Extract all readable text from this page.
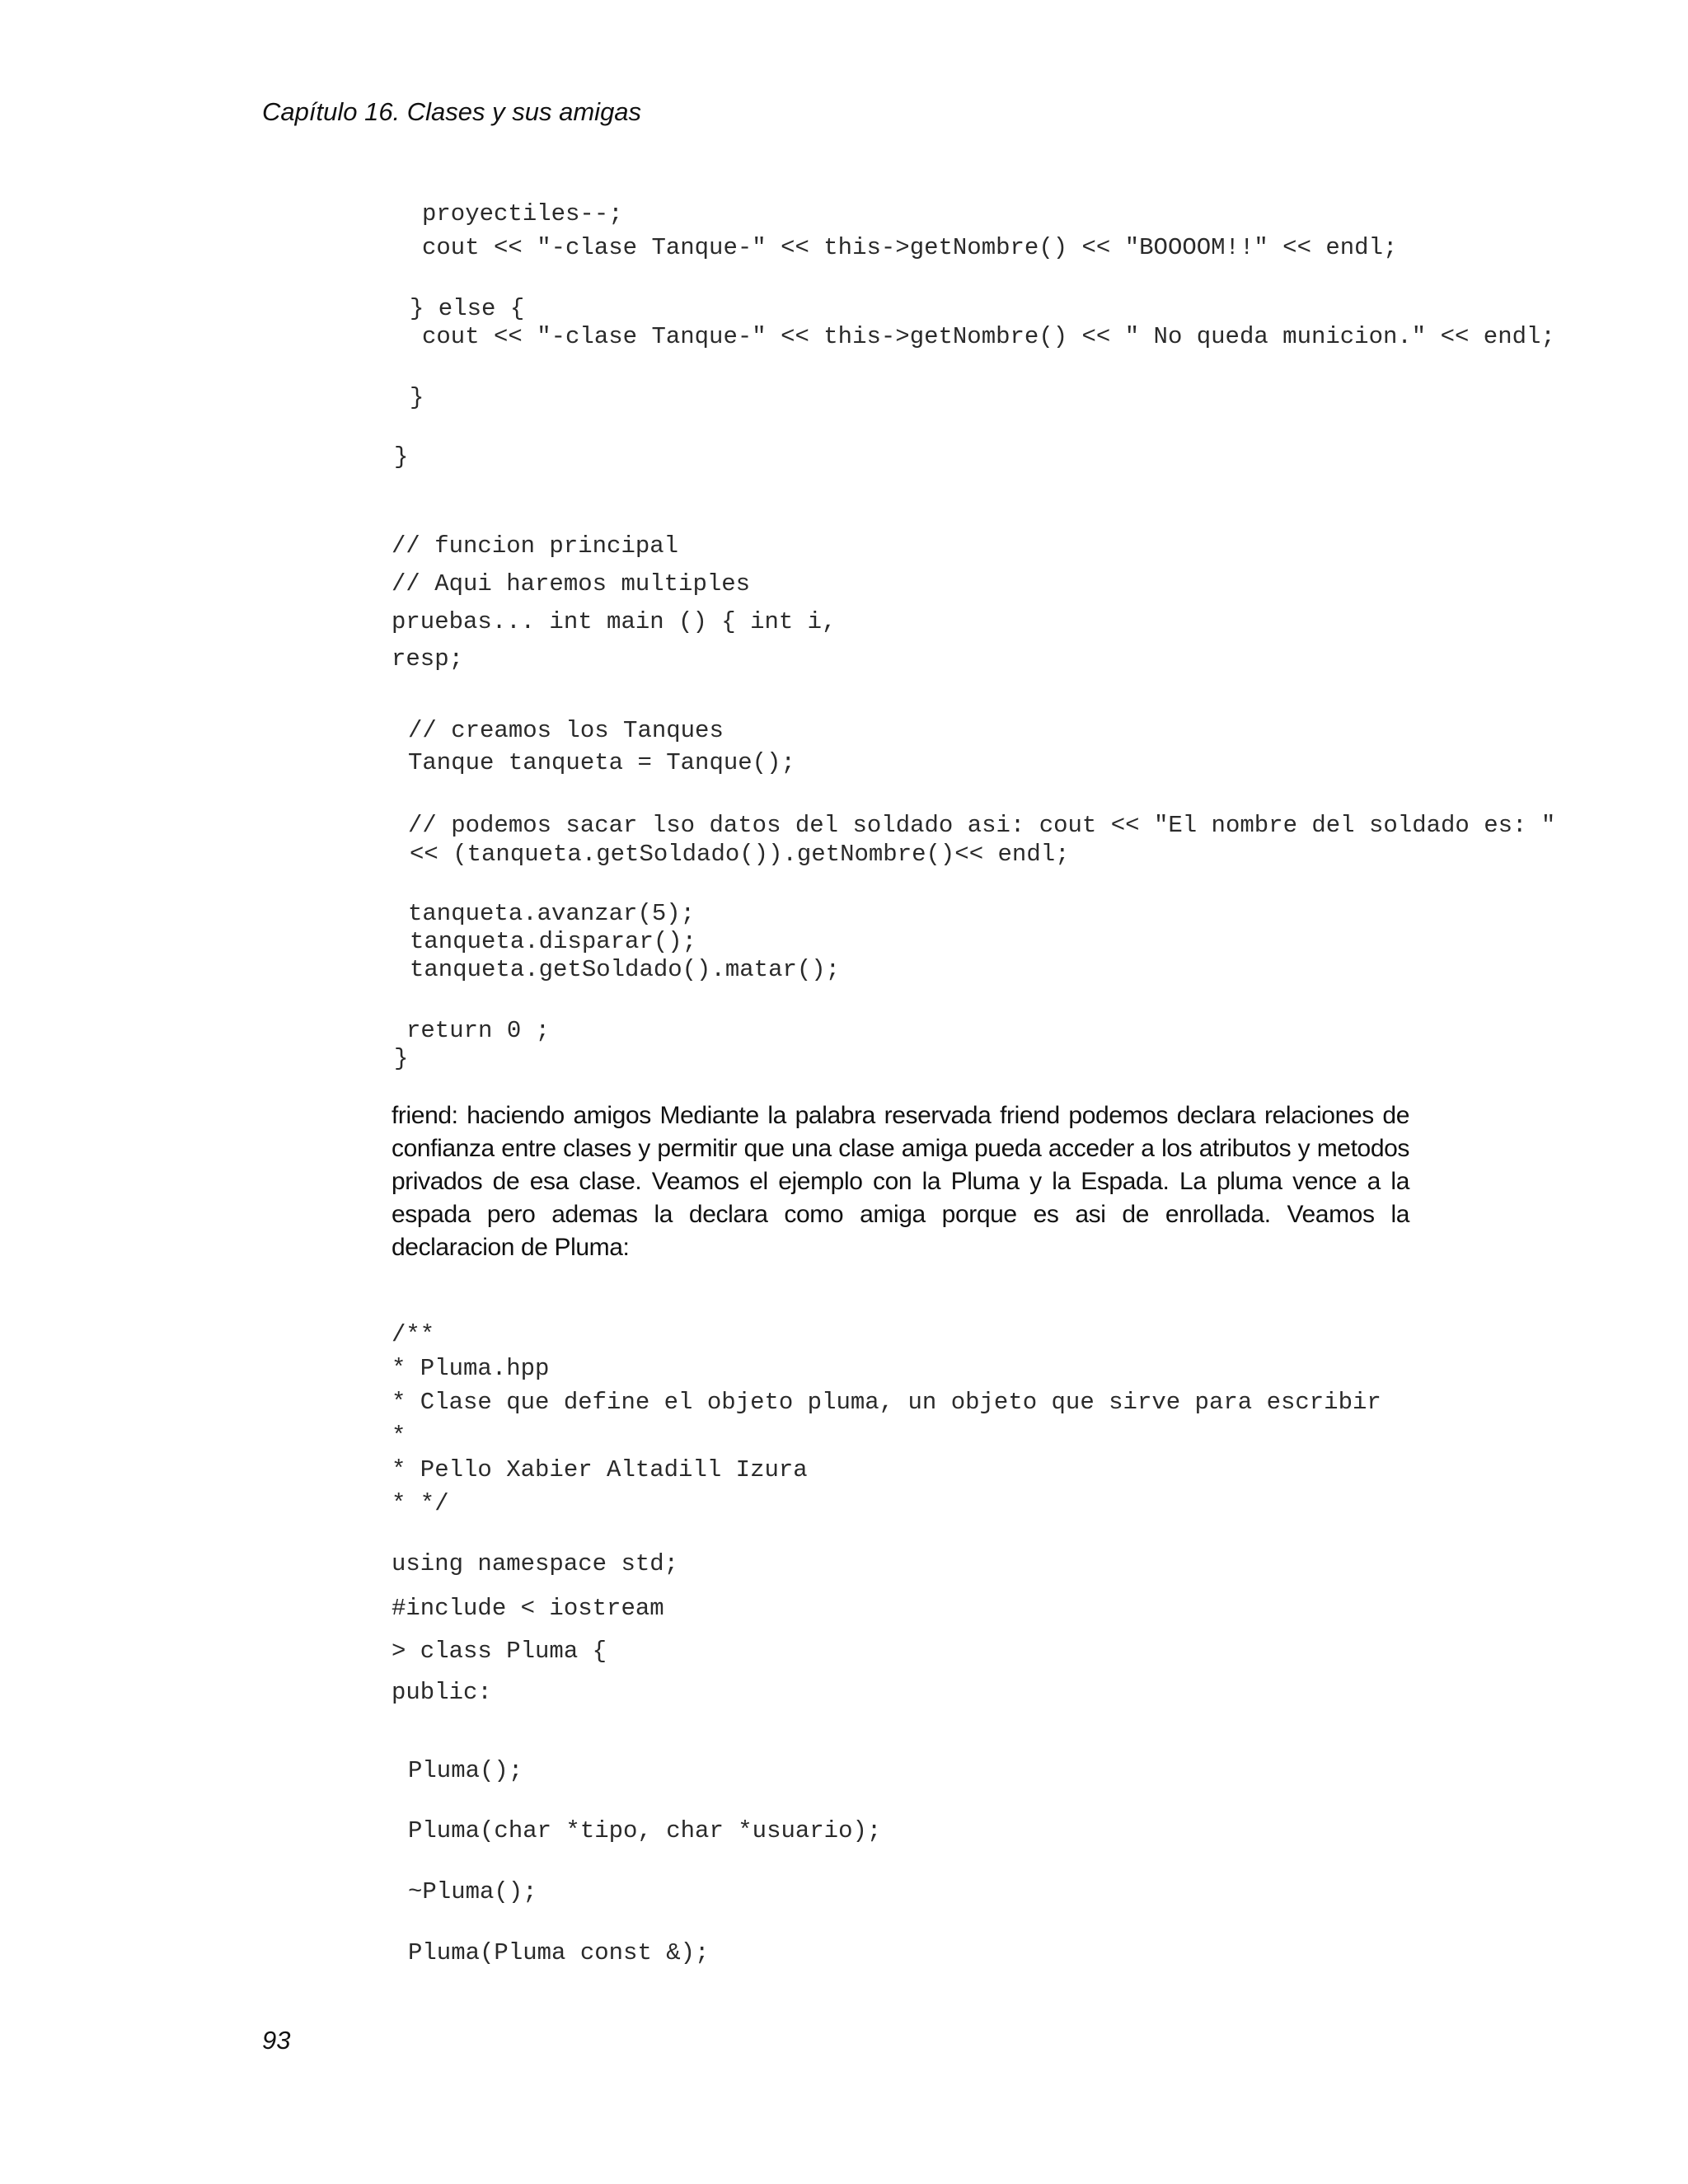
Capítulo 16. Clases y sus amigas
proyectiles--;
cout << "-clase Tanque-" << this->getNombre() << "BOOOOM!!" << endl;
} else {
cout << "-clase Tanque-" << this->getNombre() << " No queda municion." << endl;
}
}
// funcion principal
// Aqui haremos multiples
pruebas... int main () { int i,
resp;
// creamos los Tanques
Tanque tanqueta = Tanque();
// podemos sacar lso datos del soldado asi: cout << "El nombre del soldado es: "
<< (tanqueta.getSoldado()).getNombre()<< endl;
tanqueta.avanzar(5);
tanqueta.disparar();
tanqueta.getSoldado().matar();
return 0 ;
}
friend: haciendo amigos Mediante la palabra reservada friend podemos declara relaciones de confianza entre clases y permitir que una clase amiga pueda acceder a los atributos y metodos privados de esa clase. Veamos el ejemplo con la Pluma y la Espada. La pluma vence a la espada pero ademas la declara como amiga porque es asi de enrollada. Veamos la declaracion de Pluma:
/**
* Pluma.hpp
* Clase que define el objeto pluma, un objeto que sirve para escribir
*
* Pello Xabier Altadill Izura
* */
using namespace std;
#include < iostream
> class Pluma {
public:
Pluma();
Pluma(char *tipo, char *usuario);
~Pluma();
Pluma(Pluma const &);
93
